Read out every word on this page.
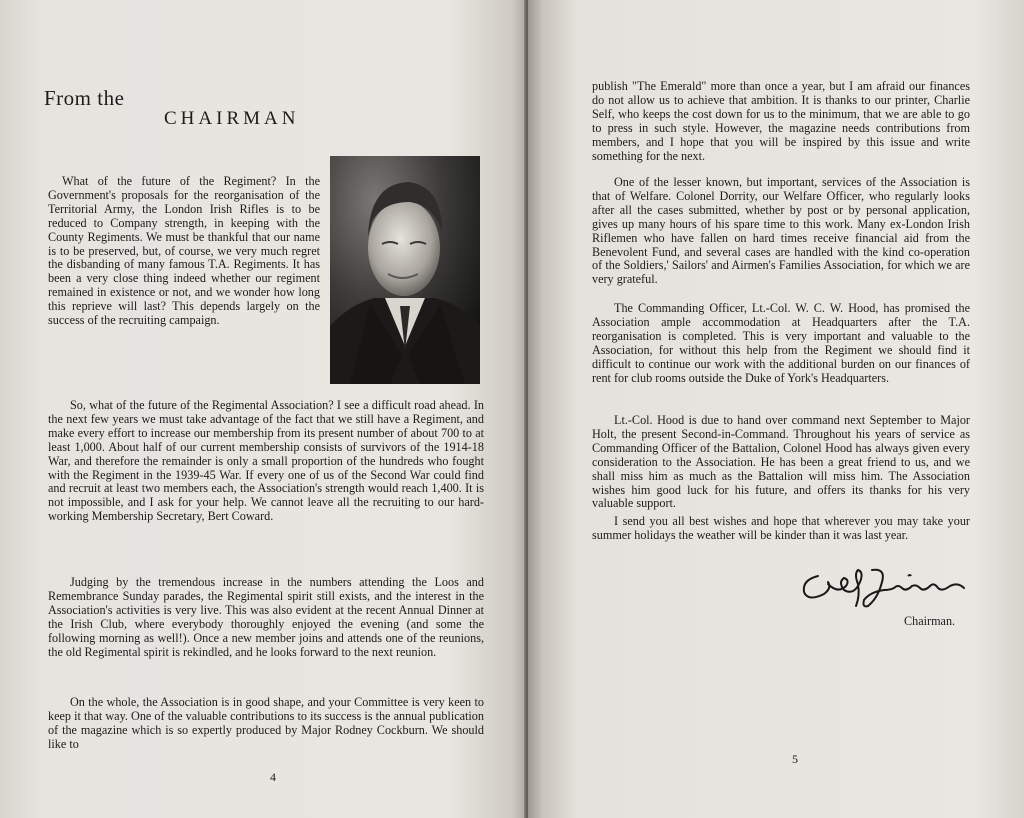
From the
CHAIRMAN

What of the future of the Regiment? In the Government's proposals for the reorganisation of the Territorial Army, the London Irish Rifles is to be reduced to Company strength, in keeping with the County Regiments. We must be thankful that our name is to be preserved, but, of course, we very much regret the disbanding of many famous T.A. Regiments. It has been a very close thing indeed whether our regiment remained in existence or not, and we wonder how long this reprieve will last? This depends largely on the success of the recruiting campaign.

So, what of the future of the Regimental Association? I see a difficult road ahead. In the next few years we must take advantage of the fact that we still have a Regiment, and make every effort to increase our membership from its present number of about 700 to at least 1,000. About half of our current membership consists of survivors of the 1914-18 War, and therefore the remainder is only a small proportion of the hundreds who fought with the Regiment in the 1939-45 War. If every one of us of the Second War could find and recruit at least two members each, the Association's strength would reach 1,400. It is not impossible, and I ask for your help. We cannot leave all the recruiting to our hard-working Membership Secretary, Bert Coward.

Judging by the tremendous increase in the numbers attending the Loos and Remembrance Sunday parades, the Regimental spirit still exists, and the interest in the Association's activities is very live. This was also evident at the recent Annual Dinner at the Irish Club, where everybody thoroughly enjoyed the evening (and some the following morning as well!). Once a new member joins and attends one of the reunions, the old Regimental spirit is rekindled, and he looks forward to the next reunion.

On the whole, the Association is in good shape, and your Committee is very keen to keep it that way. One of the valuable contributions to its success is the annual publication of the magazine which is so expertly produced by Major Rodney Cockburn. We should like to

4

publish "The Emerald" more than once a year, but I am afraid our finances do not allow us to achieve that ambition. It is thanks to our printer, Charlie Self, who keeps the cost down for us to the minimum, that we are able to go to press in such style. However, the magazine needs contributions from members, and I hope that you will be inspired by this issue and write something for the next.

One of the lesser known, but important, services of the Association is that of Welfare. Colonel Dorrity, our Welfare Officer, who regularly looks after all the cases submitted, whether by post or by personal application, gives up many hours of his spare time to this work. Many ex-London Irish Riflemen who have fallen on hard times receive financial aid from the Benevolent Fund, and several cases are handled with the kind co-operation of the Soldiers,' Sailors' and Airmen's Families Association, for which we are very grateful.

The Commanding Officer, Lt.-Col. W. C. W. Hood, has promised the Association ample accommodation at Headquarters after the T.A. reorganisation is completed. This is very important and valuable to the Association, for without this help from the Regiment we should find it difficult to continue our work with the additional burden on our finances of rent for club rooms outside the Duke of York's Headquarters.

Lt.-Col. Hood is due to hand over command next September to Major Holt, the present Second-in-Command. Throughout his years of service as Commanding Officer of the Battalion, Colonel Hood has always given every consideration to the Association. He has been a great friend to us, and we shall miss him as much as the Battalion will miss him. The Association wishes him good luck for his future, and offers its thanks for his very valuable support.

I send you all best wishes and hope that wherever you may take your summer holidays the weather will be kinder than it was last year.

Chairman.
5
